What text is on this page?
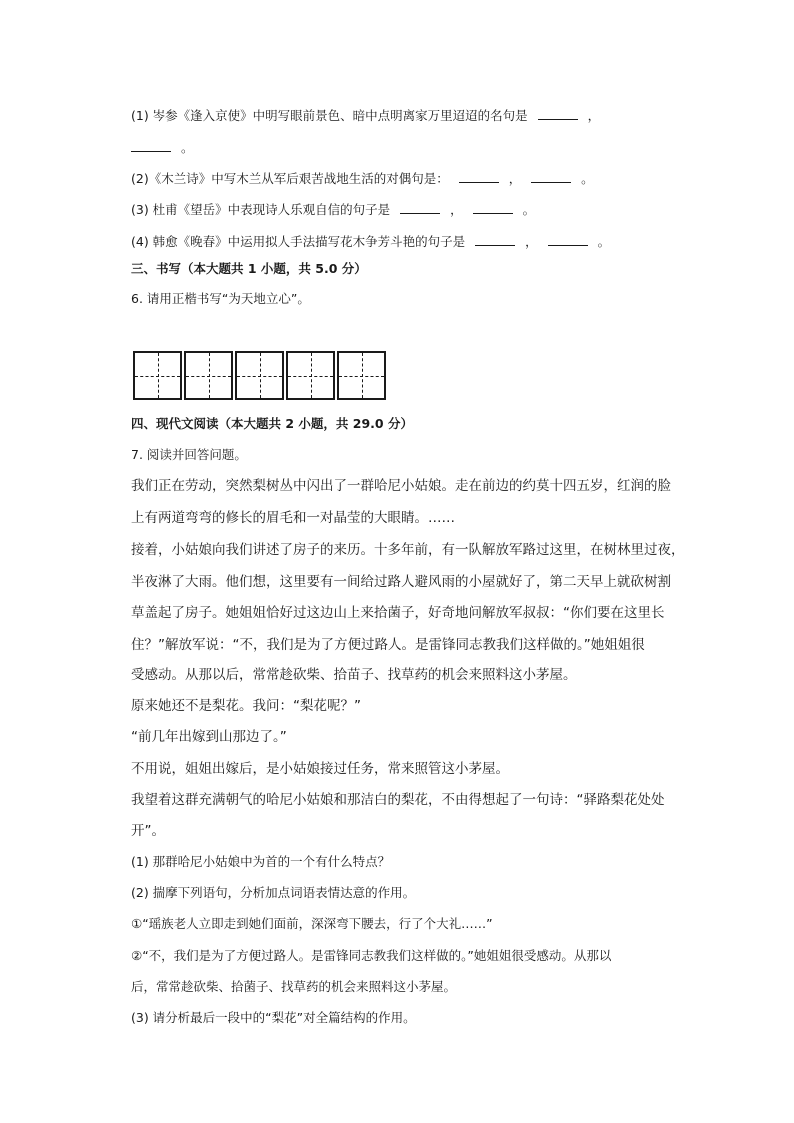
(1) 岑参《逢入京使》中明写眼前景色、暗中点明离家万里迢迢的名句是	，
。
(2)《木兰诗》中写木兰从军后艰苦战地生活的对偶句是：	，	。
(3) 杜甫《望岳》中表现诗人乐观自信的句子是	，	。
(4) 韩愈《晚春》中运用拟人手法描写花木争芳斗艳的句子是	，	。
三、书写（本大题共 1 小题，共 5.0 分）
6. 请用正楷书写“为天地立心”。
四、现代文阅读（本大题共 2 小题，共 29.0 分）
7. 阅读并回答问题。
我们正在劳动，突然梨树丛中闪出了一群哈尼小姑娘。走在前边的约莫十四五岁，红润的脸
上有两道弯弯的修长的眉毛和一对晶莹的大眼睛。……
接着，小姑娘向我们讲述了房子的来历。十多年前，有一队解放军路过这里，在树林里过夜，
半夜淋了大雨。他们想，这里要有一间给过路人避风雨的小屋就好了，第二天早上就砍树割
草盖起了房子。她姐姐恰好过这边山上来拾菌子，好奇地问解放军叔叔：“你们要在这里长
住？”解放军说：“不，我们是为了方便过路人。是雷锋同志教我们这样做的。”她姐姐很
受感动。从那以后，常常趁砍柴、拾苗子、找草药的机会来照料这小茅屋。
原来她还不是梨花。我问：“梨花呢？”
“前几年出嫁到山那边了。”
不用说，姐姐出嫁后，是小姑娘接过任务，常来照管这小茅屋。
我望着这群充满朝气的哈尼小姑娘和那洁白的梨花，不由得想起了一句诗：“驿路梨花处处
开”。
(1) 那群哈尼小姑娘中为首的一个有什么特点？
(2) 揣摩下列语句，分析加点词语表情达意的作用。
①“瑶族老人立即走到她们面前，深深弯下腰去，行了个大礼……”
②“不，我们是为了方便过路人。是雷锋同志教我们这样做的。”她姐姐很受感动。从那以
后，常常趁砍柴、拾菌子、找草药的机会来照料这小茅屋。
(3) 请分析最后一段中的“梨花”对全篇结构的作用。
